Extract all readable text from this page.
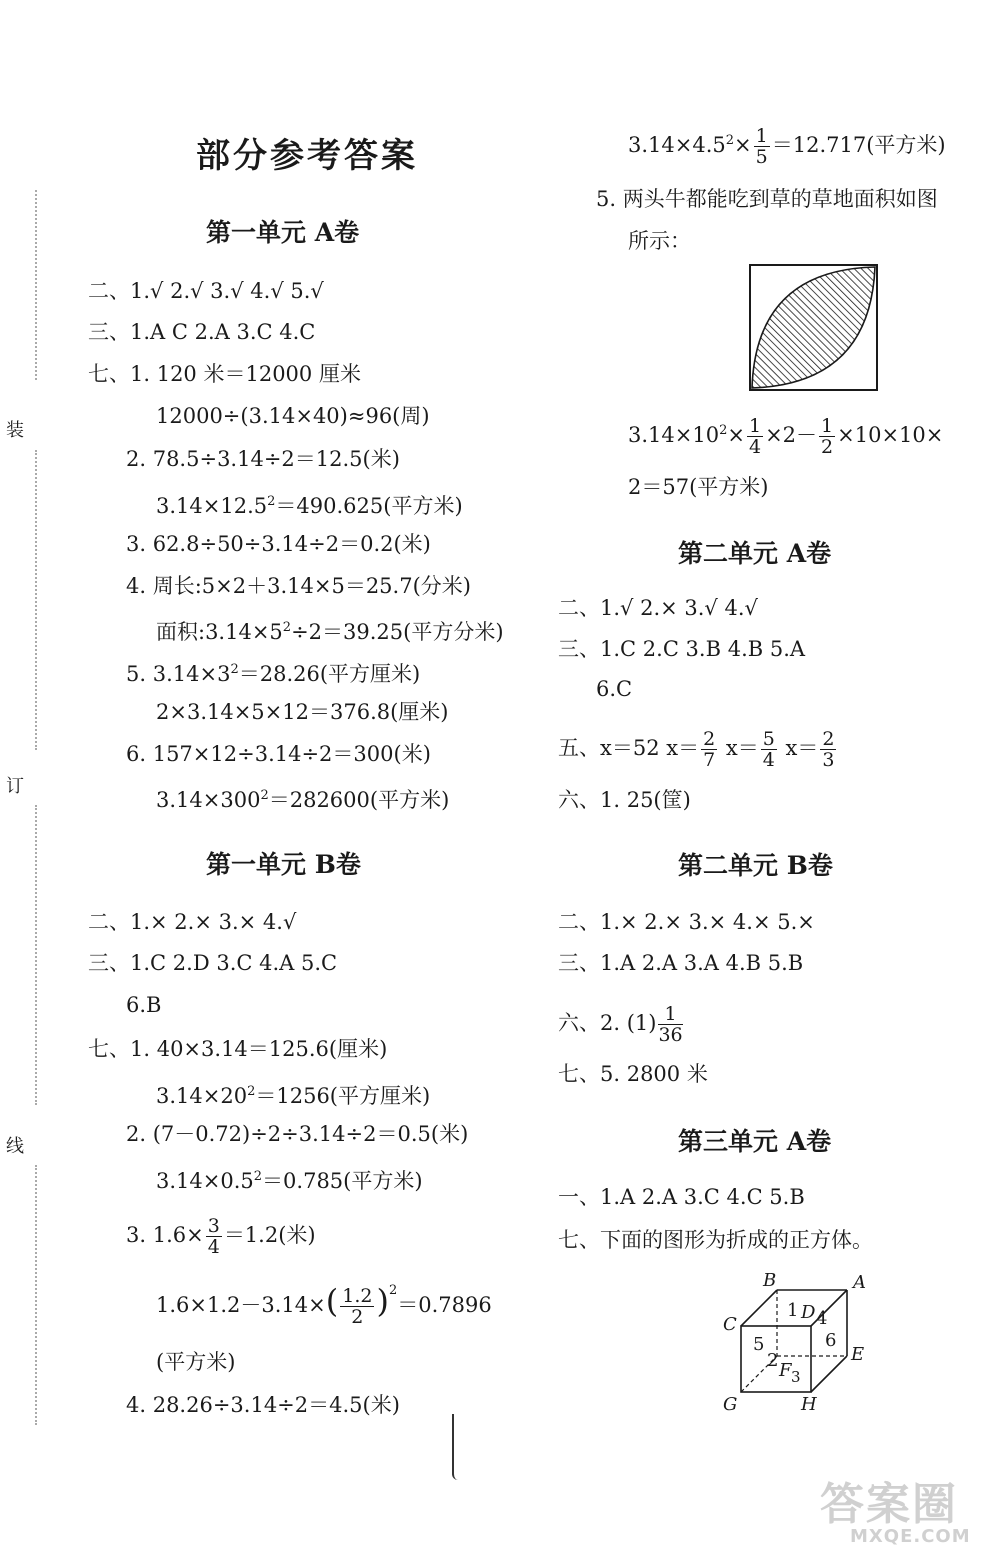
部分参考答案
装
订
线
第一单元 A卷
二、1.√ 2.√ 3.√ 4.√ 5.√
三、1.A C 2.A 3.C 4.C
七、1. 120 米＝12000 厘米
12000÷(3.14×40)≈96(周)
2. 78.5÷3.14÷2＝12.5(米)
$3.14\times 12.5^2=490.625$(平方米)
3. 62.8÷50÷3.14÷2＝0.2(米)
4. 周长:5×2＋3.14×5＝25.7(分米)
面积$:3.14\times 5^2\div 2=39.25$(平方分米)
5. $3.14\times 3^2=28.26$(平方厘米)
2×3.14×5×12＝376.8(厘米)
6. 157×12÷3.14÷2＝300(米)
$3.14\times 300^2=282600$(平方米)
第一单元 B卷
二、1.× 2.× 3.× 4.√
三、1.C 2.D 3.C 4.A 5.C
6.B
七、1. 40×3.14＝125.6(厘米)
$3.14\times 20^2=1256$(平方厘米)
2. (7－0.72)÷2÷3.14÷2＝0.5(米)
$3.14\times 0.5^2=0.785$(平方米)
3. $1.6\times \frac{3}{4} =1.2$(米)
$1.6\times 1.2-3.14\times( \frac{1.2}{2} )^2=0.7896$
(平方米)
4. 28.26÷3.14÷2＝4.5(米)
$3.14\times 4.5^2\times \frac{1}{5} =12.717$(平方米)
5. 两头牛都能吃到草的草地面积如图
所示：
$3.14\times 10^2\times \frac{1}{4} \times 2- \frac{1}{2} \times 10\times 10\times$
2＝57(平方米)
第二单元 A卷
二、1.√ 2.× 3.√ 4.√
三、1.C 2.C 3.B 4.B 5.A
6.C
五、x＝52 $x= \frac{2}{7} x= \frac{5}{4} x= \frac{2}{3}$
六、1. 25(筐)
第二单元 B卷
二、1.× 2.× 3.× 4.× 5.×
三、1.A 2.A 3.A 4.B 5.B
六、2. $(1) \frac{1}{36}$
七、5. 2800 米
第三单元 A卷
一、1.A 2.A 3.C 4.C 5.B
七、下面的图形为折成的正方体。
B	A
1 D 4
C
5	6
E
2 F 3
G	H
答案圈
MXQE.COM
